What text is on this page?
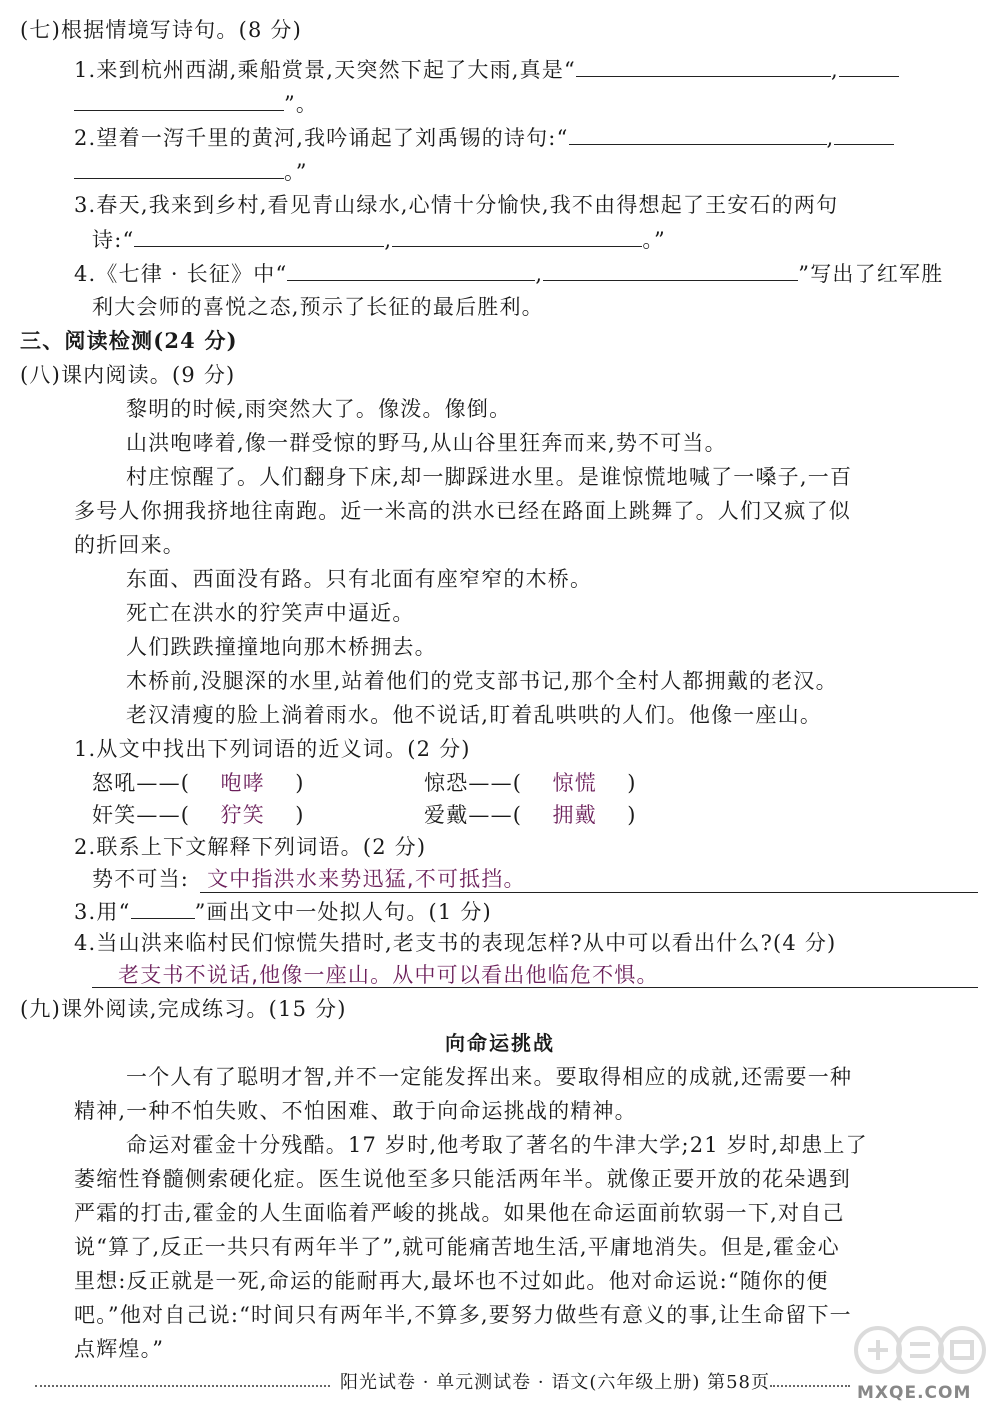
(七)根据情境写诗句。(8 分)
1.来到杭州西湖,乘船赏景,天突然下起了大雨,真是“	,
”。
2.望着一泻千里的黄河,我吟诵起了刘禹锡的诗句:“	,
。”
3.春天,我来到乡村,看见青山绿水,心情十分愉快,我不由得想起了王安石的两句
诗:“	,	。”
4.《七律 · 长征》中“	,	”写出了红军胜
利大会师的喜悦之态,预示了长征的最后胜利。
三、阅读检测(24 分)
(八)课内阅读。(9 分)
黎明的时候,雨突然大了。像泼。像倒。
山洪咆哮着,像一群受惊的野马,从山谷里狂奔而来,势不可当。
村庄惊醒了。人们翻身下床,却一脚踩进水里。是谁惊慌地喊了一嗓子,一百
多号人你拥我挤地往南跑。近一米高的洪水已经在路面上跳舞了。人们又疯了似
的折回来。
东面、西面没有路。只有北面有座窄窄的木桥。
死亡在洪水的狞笑声中逼近。
人们跌跌撞撞地向那木桥拥去。
木桥前,没腿深的水里,站着他们的党支部书记,那个全村人都拥戴的老汉。
老汉清瘦的脸上淌着雨水。他不说话,盯着乱哄哄的人们。他像一座山。
1.从文中找出下列词语的近义词。(2 分)
怒吼——( 咆哮 )	惊恐——( 惊慌 )
奸笑——( 狞笑 )	爱戴——( 拥戴 )
2.联系上下文解释下列词语。(2 分)
势不可当: 文中指洪水来势迅猛,不可抵挡。
3.用“	”画出文中一处拟人句。(1 分)
4.当山洪来临村民们惊慌失措时,老支书的表现怎样?从中可以看出什么?(4 分)
老支书不说话,他像一座山。从中可以看出他临危不惧。
(九)课外阅读,完成练习。(15 分)
向命运挑战
一个人有了聪明才智,并不一定能发挥出来。要取得相应的成就,还需要一种
精神,一种不怕失败、不怕困难、敢于向命运挑战的精神。
命运对霍金十分残酷。17 岁时,他考取了著名的牛津大学;21 岁时,却患上了
萎缩性脊髓侧索硬化症。医生说他至多只能活两年半。就像正要开放的花朵遇到
严霜的打击,霍金的人生面临着严峻的挑战。如果他在命运面前软弱一下,对自己
说“算了,反正一共只有两年半了”,就可能痛苦地生活,平庸地消失。但是,霍金心
里想:反正就是一死,命运的能耐再大,最坏也不过如此。他对命运说:“随你的便
吧。”他对自己说:“时间只有两年半,不算多,要努力做些有意义的事,让生命留下一
点辉煌。”
阳光试卷 · 单元测试卷 · 语文(六年级上册) 第58页	MXQE.COM
